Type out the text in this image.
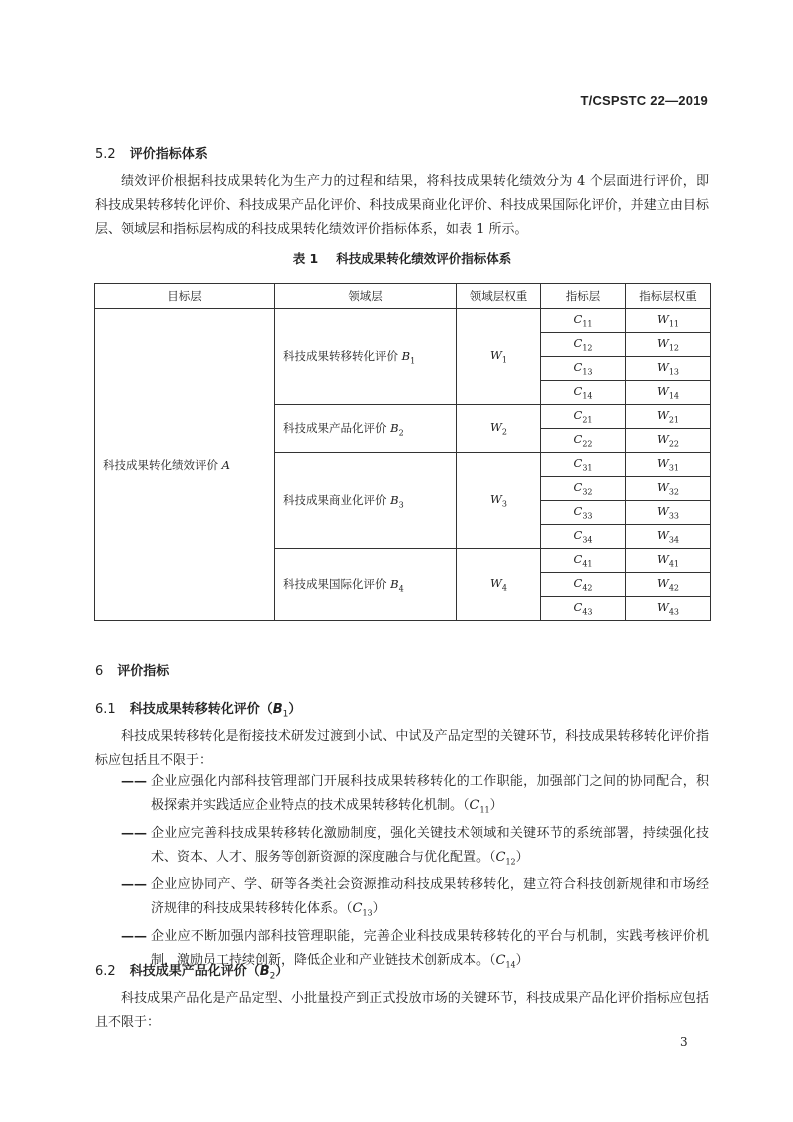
T/CSPSTC 22—2019
5.2 评价指标体系

绩效评价根据科技成果转化为生产力的过程和结果，将科技成果转化绩效分为 4 个层面进行评价，即科技成果转移转化评价、科技成果产品化评价、科技成果商业化评价、科技成果国际化评价，并建立由目标层、领域层和指标层构成的科技成果转化绩效评价指标体系，如表 1 所示。

表 1 科技成果转化绩效评价指标体系
目标层	领域层	领域层权重	指标层	指标层权重
科技成果转化绩效评价 A	科技成果转移转化评价 $B_1$	$W_1$	$C_{11}$	$W_{11}$
			$C_{12}$	$W_{12}$
			$C_{13}$	$W_{13}$
			$C_{14}$	$W_{14}$
	科技成果产品化评价 $B_2$	$W_2$	$C_{21}$	$W_{21}$
			$C_{22}$	$W_{22}$
	科技成果商业化评价 $B_3$	$W_3$	$C_{31}$	$W_{31}$
			$C_{32}$	$W_{32}$
			$C_{33}$	$W_{33}$
			$C_{34}$	$W_{34}$
	科技成果国际化评价 $B_4$	$W_4$	$C_{41}$	$W_{41}$
			$C_{42}$	$W_{42}$
			$C_{43}$	$W_{43}$
6 评价指标
6.1 科技成果转移转化评价$(B_1)$

科技成果转移转化是衔接技术研发过渡到小试、中试及产品定型的关键环节，科技成果转移转化评价指标应包括且不限于：

—— 企业应强化内部科技管理部门开展科技成果转移转化的工作职能，加强部门之间的协同配合，积极探索并实践适应企业特点的技术成果转移转化机制。$(C_{11})$
—— 企业应完善科技成果转移转化激励制度，强化关键技术领域和关键环节的系统部署，持续强化技术、资本、人才、服务等创新资源的深度融合与优化配置。$(C_{12})$
—— 企业应协同产、学、研等各类社会资源推动科技成果转移转化，建立符合科技创新规律和市场经济规律的科技成果转移转化体系。$(C_{13})$
—— 企业应不断加强内部科技管理职能，完善企业科技成果转移转化的平台与机制，实践考核评价机制，激励员工持续创新，降低企业和产业链技术创新成本。$(C_{14})$
6.2 科技成果产品化评价$(B_2)$

科技成果产品化是产品定型、小批量投产到正式投放市场的关键环节，科技成果产品化评价指标应包括且不限于：

3
